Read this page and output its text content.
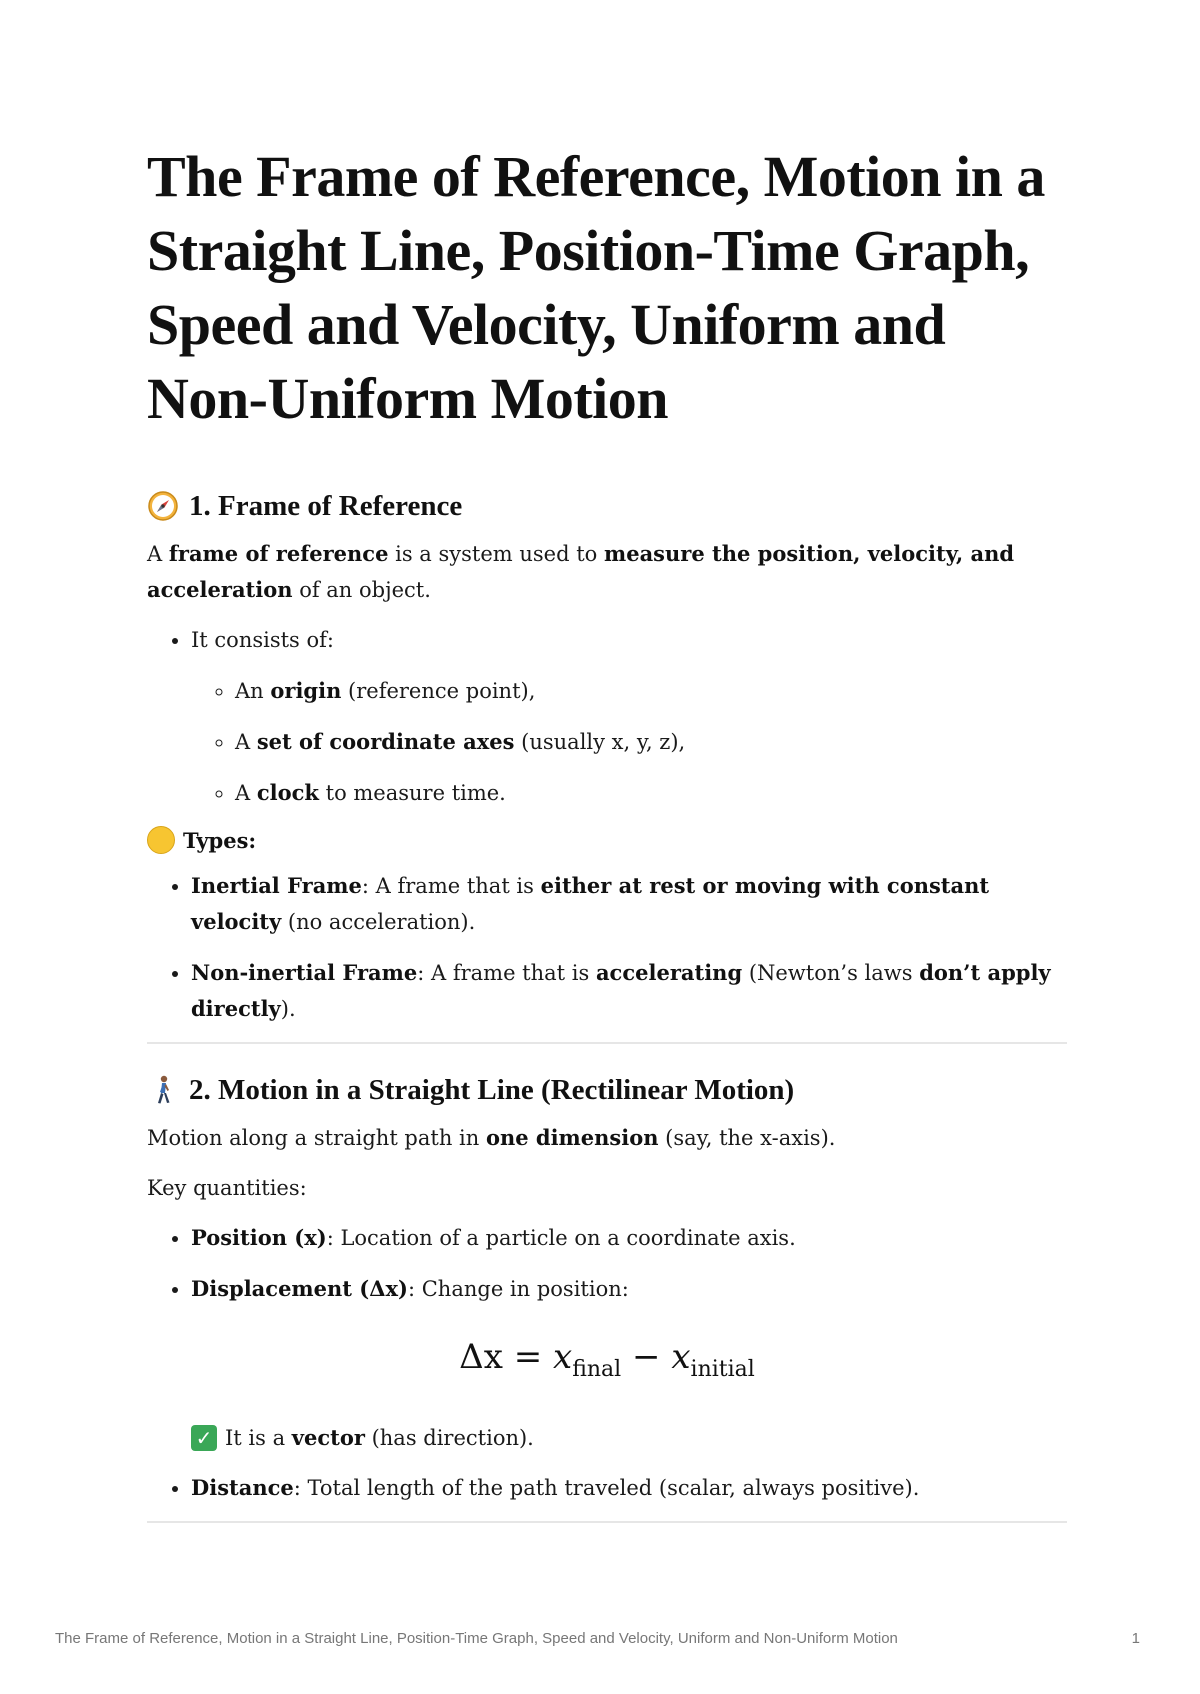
The Frame of Reference, Motion in a Straight Line, Position-Time Graph, Speed and Velocity, Uniform and Non-Uniform Motion
1. Frame of Reference

A frame of reference is a system used to measure the position, velocity, and acceleration of an object.

• It consists of:
◦ An origin (reference point),
◦ A set of coordinate axes (usually x, y, z),
◦ A clock to measure time.
Types:
• Inertial Frame: A frame that is either at rest or moving with constant velocity (no acceleration).
• Non-inertial Frame: A frame that is accelerating (Newton’s laws don’t apply directly).
2. Motion in a Straight Line (Rectilinear Motion)

Motion along a straight path in one dimension (say, the x-axis).

Key quantities:

• Position (x): Location of a particle on a coordinate axis.
• Displacement (Δx): Change in position:
$\Delta x = x_{final} - x_{initial}$
✓ It is a vector (has direction).
• Distance: Total length of the path traveled (scalar, always positive).
The Frame of Reference, Motion in a Straight Line, Position-Time Graph, Speed and Velocity, Uniform and Non-Uniform Motion	1
